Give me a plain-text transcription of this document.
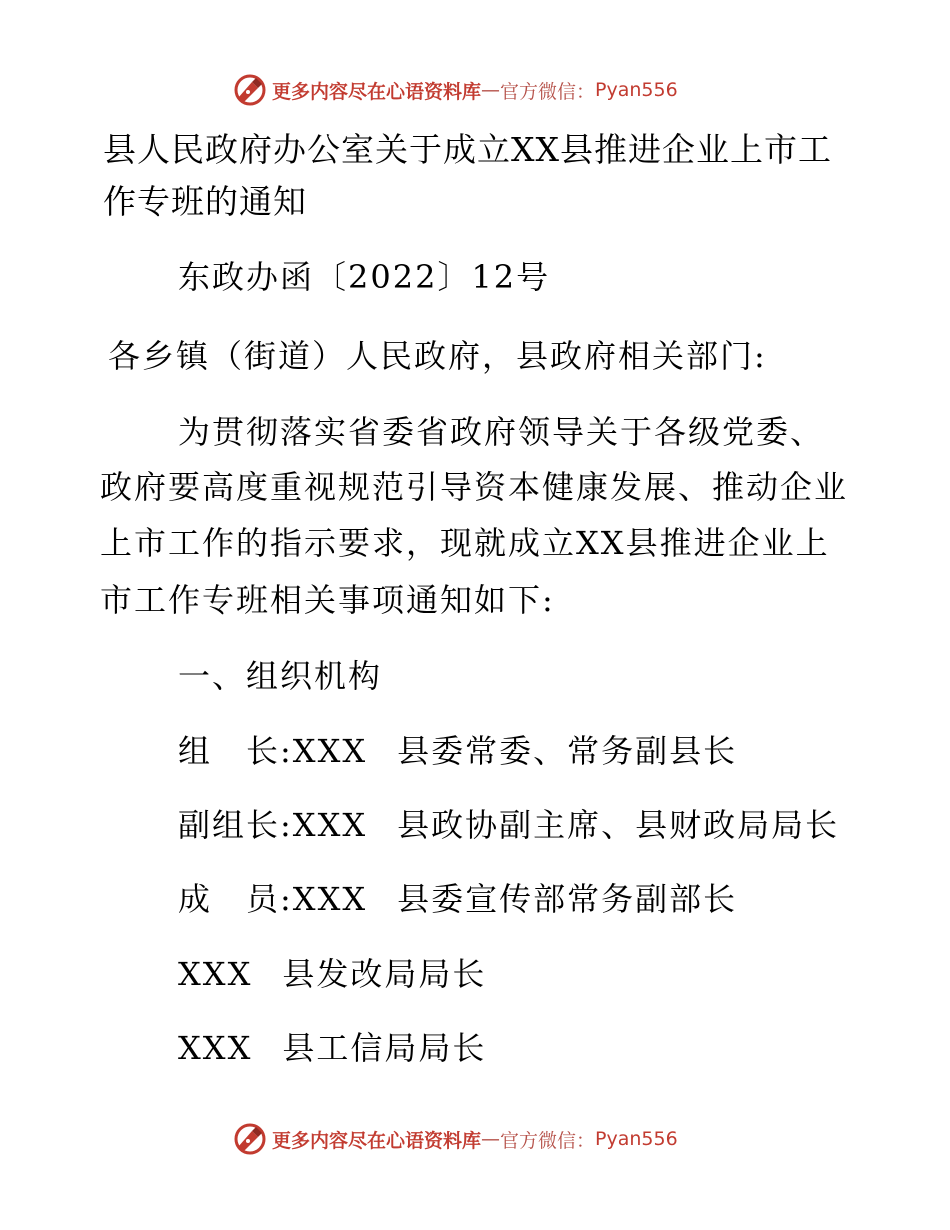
更多内容尽在心语资料库 — 官方微信： Pyan556
县人民政府办公室关于成立XX县推进企业上市工作专班的通知

东政办函〔2022〕12号

各乡镇（街道）人民政府，县政府相关部门:

为贯彻落实省委省政府领导关于各级党委、

政府要高度重视规范引导资本健康发展、推动企业

上市工作的指示要求，现就成立XX县推进企业上

市工作专班相关事项通知如下:

一、组织机构

组　长:XXX 县委常委、常务副县长

副组长:XXX 县政协副主席、县财政局局长

成　员:XXX 县委宣传部常务副部长

XXX 县发改局局长

XXX 县工信局局长

更多内容尽在心语资料库 — 官方微信： Pyan556
